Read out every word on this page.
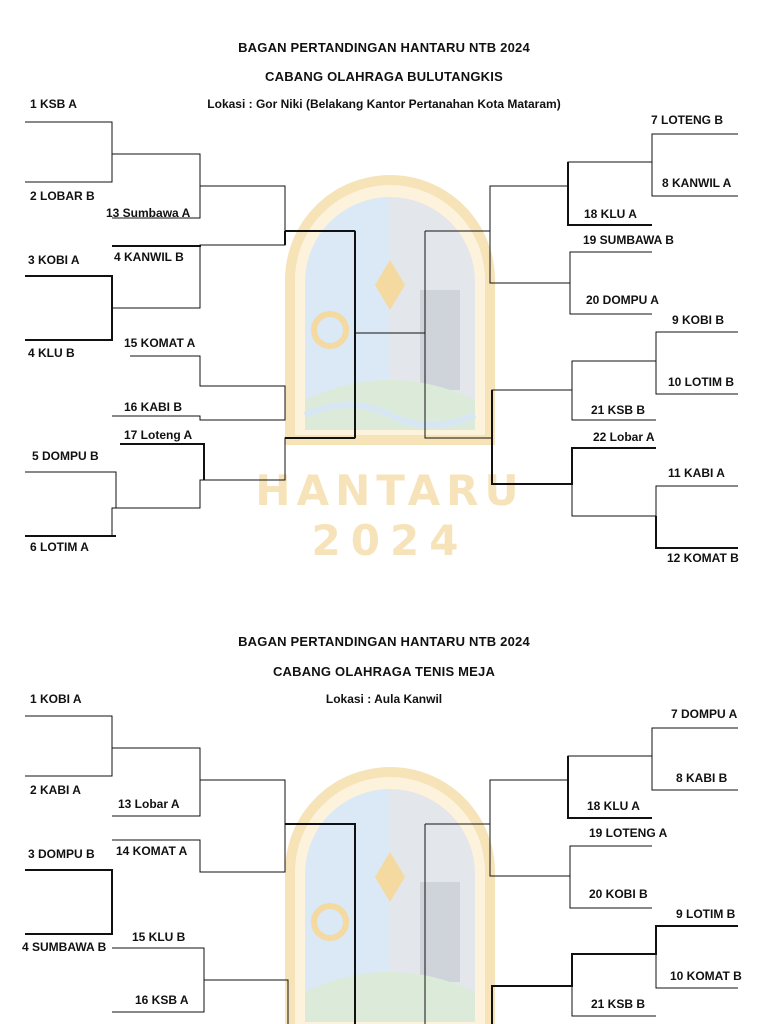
HANTARU
2024
BAGAN PERTANDINGAN HANTARU NTB 2024
CABANG OLAHRAGA BULUTANGKIS
Lokasi : Gor Niki (Belakang Kantor Pertanahan Kota Mataram)
1 KSB A
2 LOBAR B
3 KOBI A
4 KLU B
5 DOMPU B
6 LOTIM A
13 Sumbawa A
4 KANWIL B
15 KOMAT A
16 KABI B
17 Loteng A
7 LOTENG B
8 KANWIL A
9 KOBI B
10 LOTIM B
11 KABI A
12 KOMAT B
18 KLU A
19 SUMBAWA B
20 DOMPU A
21 KSB B
22 Lobar A
BAGAN PERTANDINGAN HANTARU NTB 2024
CABANG OLAHRAGA TENIS MEJA
Lokasi : Aula Kanwil
1 KOBI A
2 KABI A
3 DOMPU B
4 SUMBAWA B
13 Lobar A
14 KOMAT A
15 KLU B
16 KSB A
7 DOMPU A
8 KABI B
9 LOTIM B
10 KOMAT B
18 KLU A
19 LOTENG A
20 KOBI B
21 KSB B
